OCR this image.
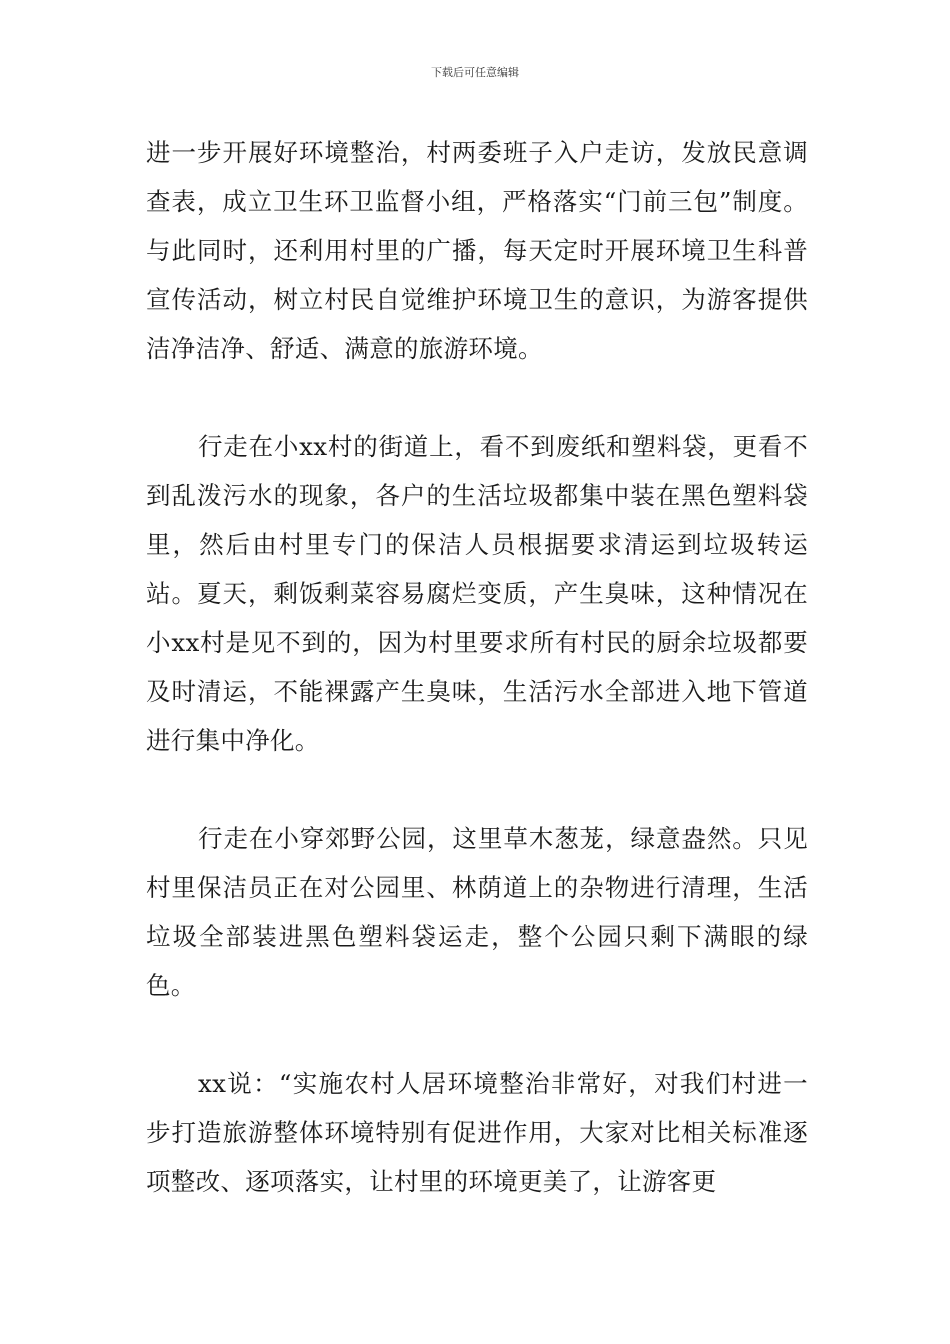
下载后可任意编辑

进一步开展好环境整治，村两委班子入户走访，发放民意调查表，成立卫生环卫监督小组，严格落实“门前三包”制度。与此同时，还利用村里的广播，每天定时开展环境卫生科普宣传活动，树立村民自觉维护环境卫生的意识，为游客提供洁净洁净、舒适、满意的旅游环境。

行走在小xx村的街道上，看不到废纸和塑料袋，更看不到乱泼污水的现象，各户的生活垃圾都集中装在黑色塑料袋里，然后由村里专门的保洁人员根据要求清运到垃圾转运站。夏天，剩饭剩菜容易腐烂变质，产生臭味，这种情况在小xx村是见不到的，因为村里要求所有村民的厨余垃圾都要及时清运，不能裸露产生臭味，生活污水全部进入地下管道进行集中净化。

行走在小穿郊野公园，这里草木葱茏，绿意盎然。只见村里保洁员正在对公园里、林荫道上的杂物进行清理，生活垃圾全部装进黑色塑料袋运走，整个公园只剩下满眼的绿色。

xx说：“实施农村人居环境整治非常好，对我们村进一步打造旅游整体环境特别有促进作用，大家对比相关标准逐项整改、逐项落实，让村里的环境更美了，让游客更
